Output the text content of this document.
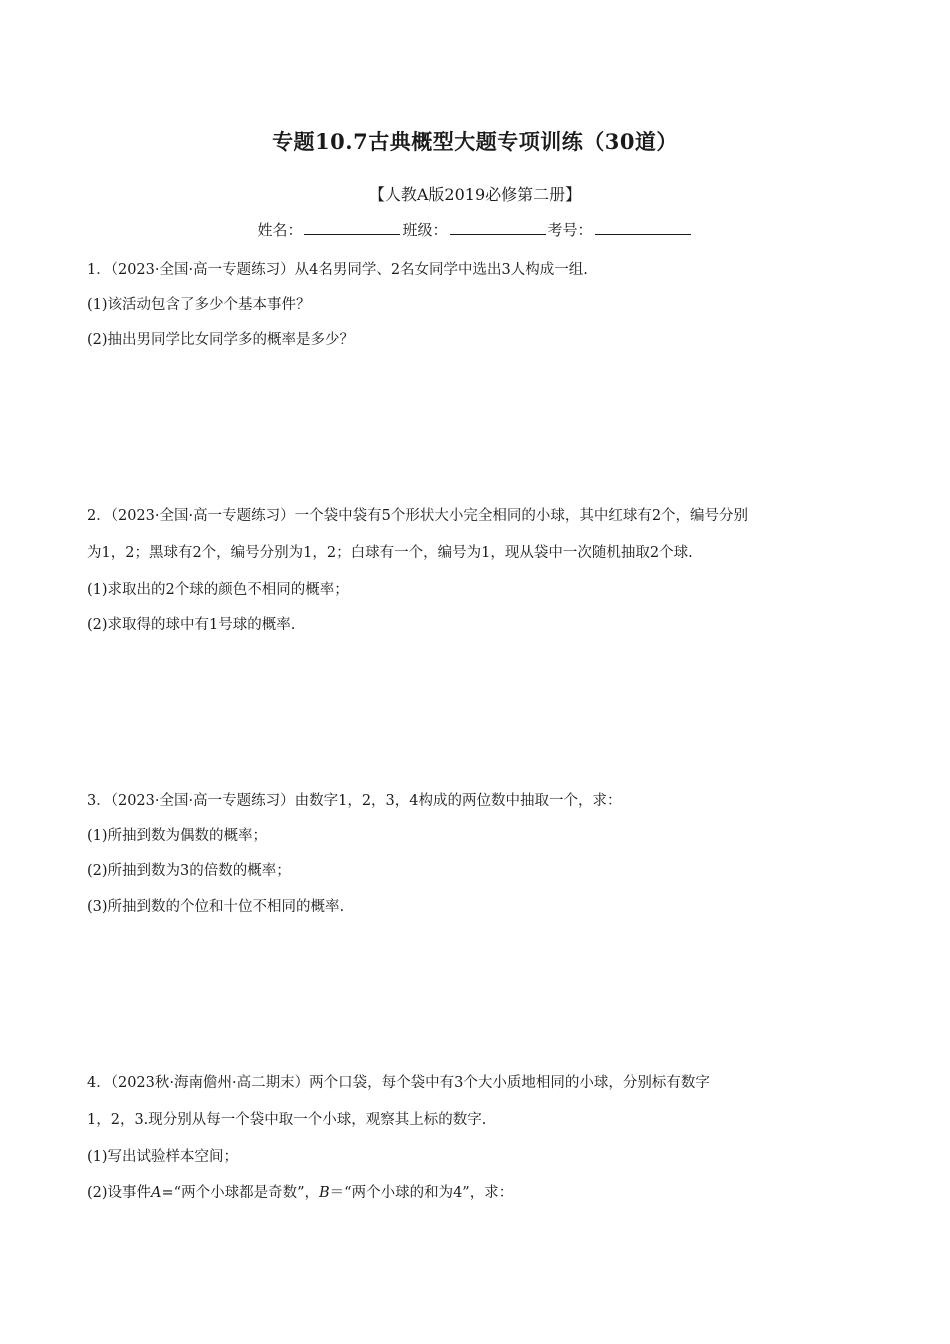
专题10.7古典概型大题专项训练（30道）
【人教A版2019必修第二册】
姓名：	班级：	考号：
1．（2023·全国·高一专题练习）从4名男同学、2名女同学中选出3人构成一组.
(1)该活动包含了多少个基本事件？
(2)抽出男同学比女同学多的概率是多少？
2．（2023·全国·高一专题练习）一个袋中袋有5个形状大小完全相同的小球，其中红球有2个，编号分别
为1，2；黑球有2个，编号分别为1，2；白球有一个，编号为1，现从袋中一次随机抽取2个球.
(1)求取出的2个球的颜色不相同的概率；
(2)求取得的球中有1号球的概率.
3．（2023·全国·高一专题练习）由数字1，2，3，4构成的两位数中抽取一个，求：
(1)所抽到数为偶数的概率；
(2)所抽到数为3的倍数的概率；
(3)所抽到数的个位和十位不相同的概率.
4．（2023秋·海南儋州·高二期末）两个口袋，每个袋中有3个大小质地相同的小球，分别标有数字
1，2，3.现分别从每一个袋中取一个小球，观察其上标的数字.
(1)写出试验样本空间；
(2)设事件A=“两个小球都是奇数”，B＝“两个小球的和为4”，求：
